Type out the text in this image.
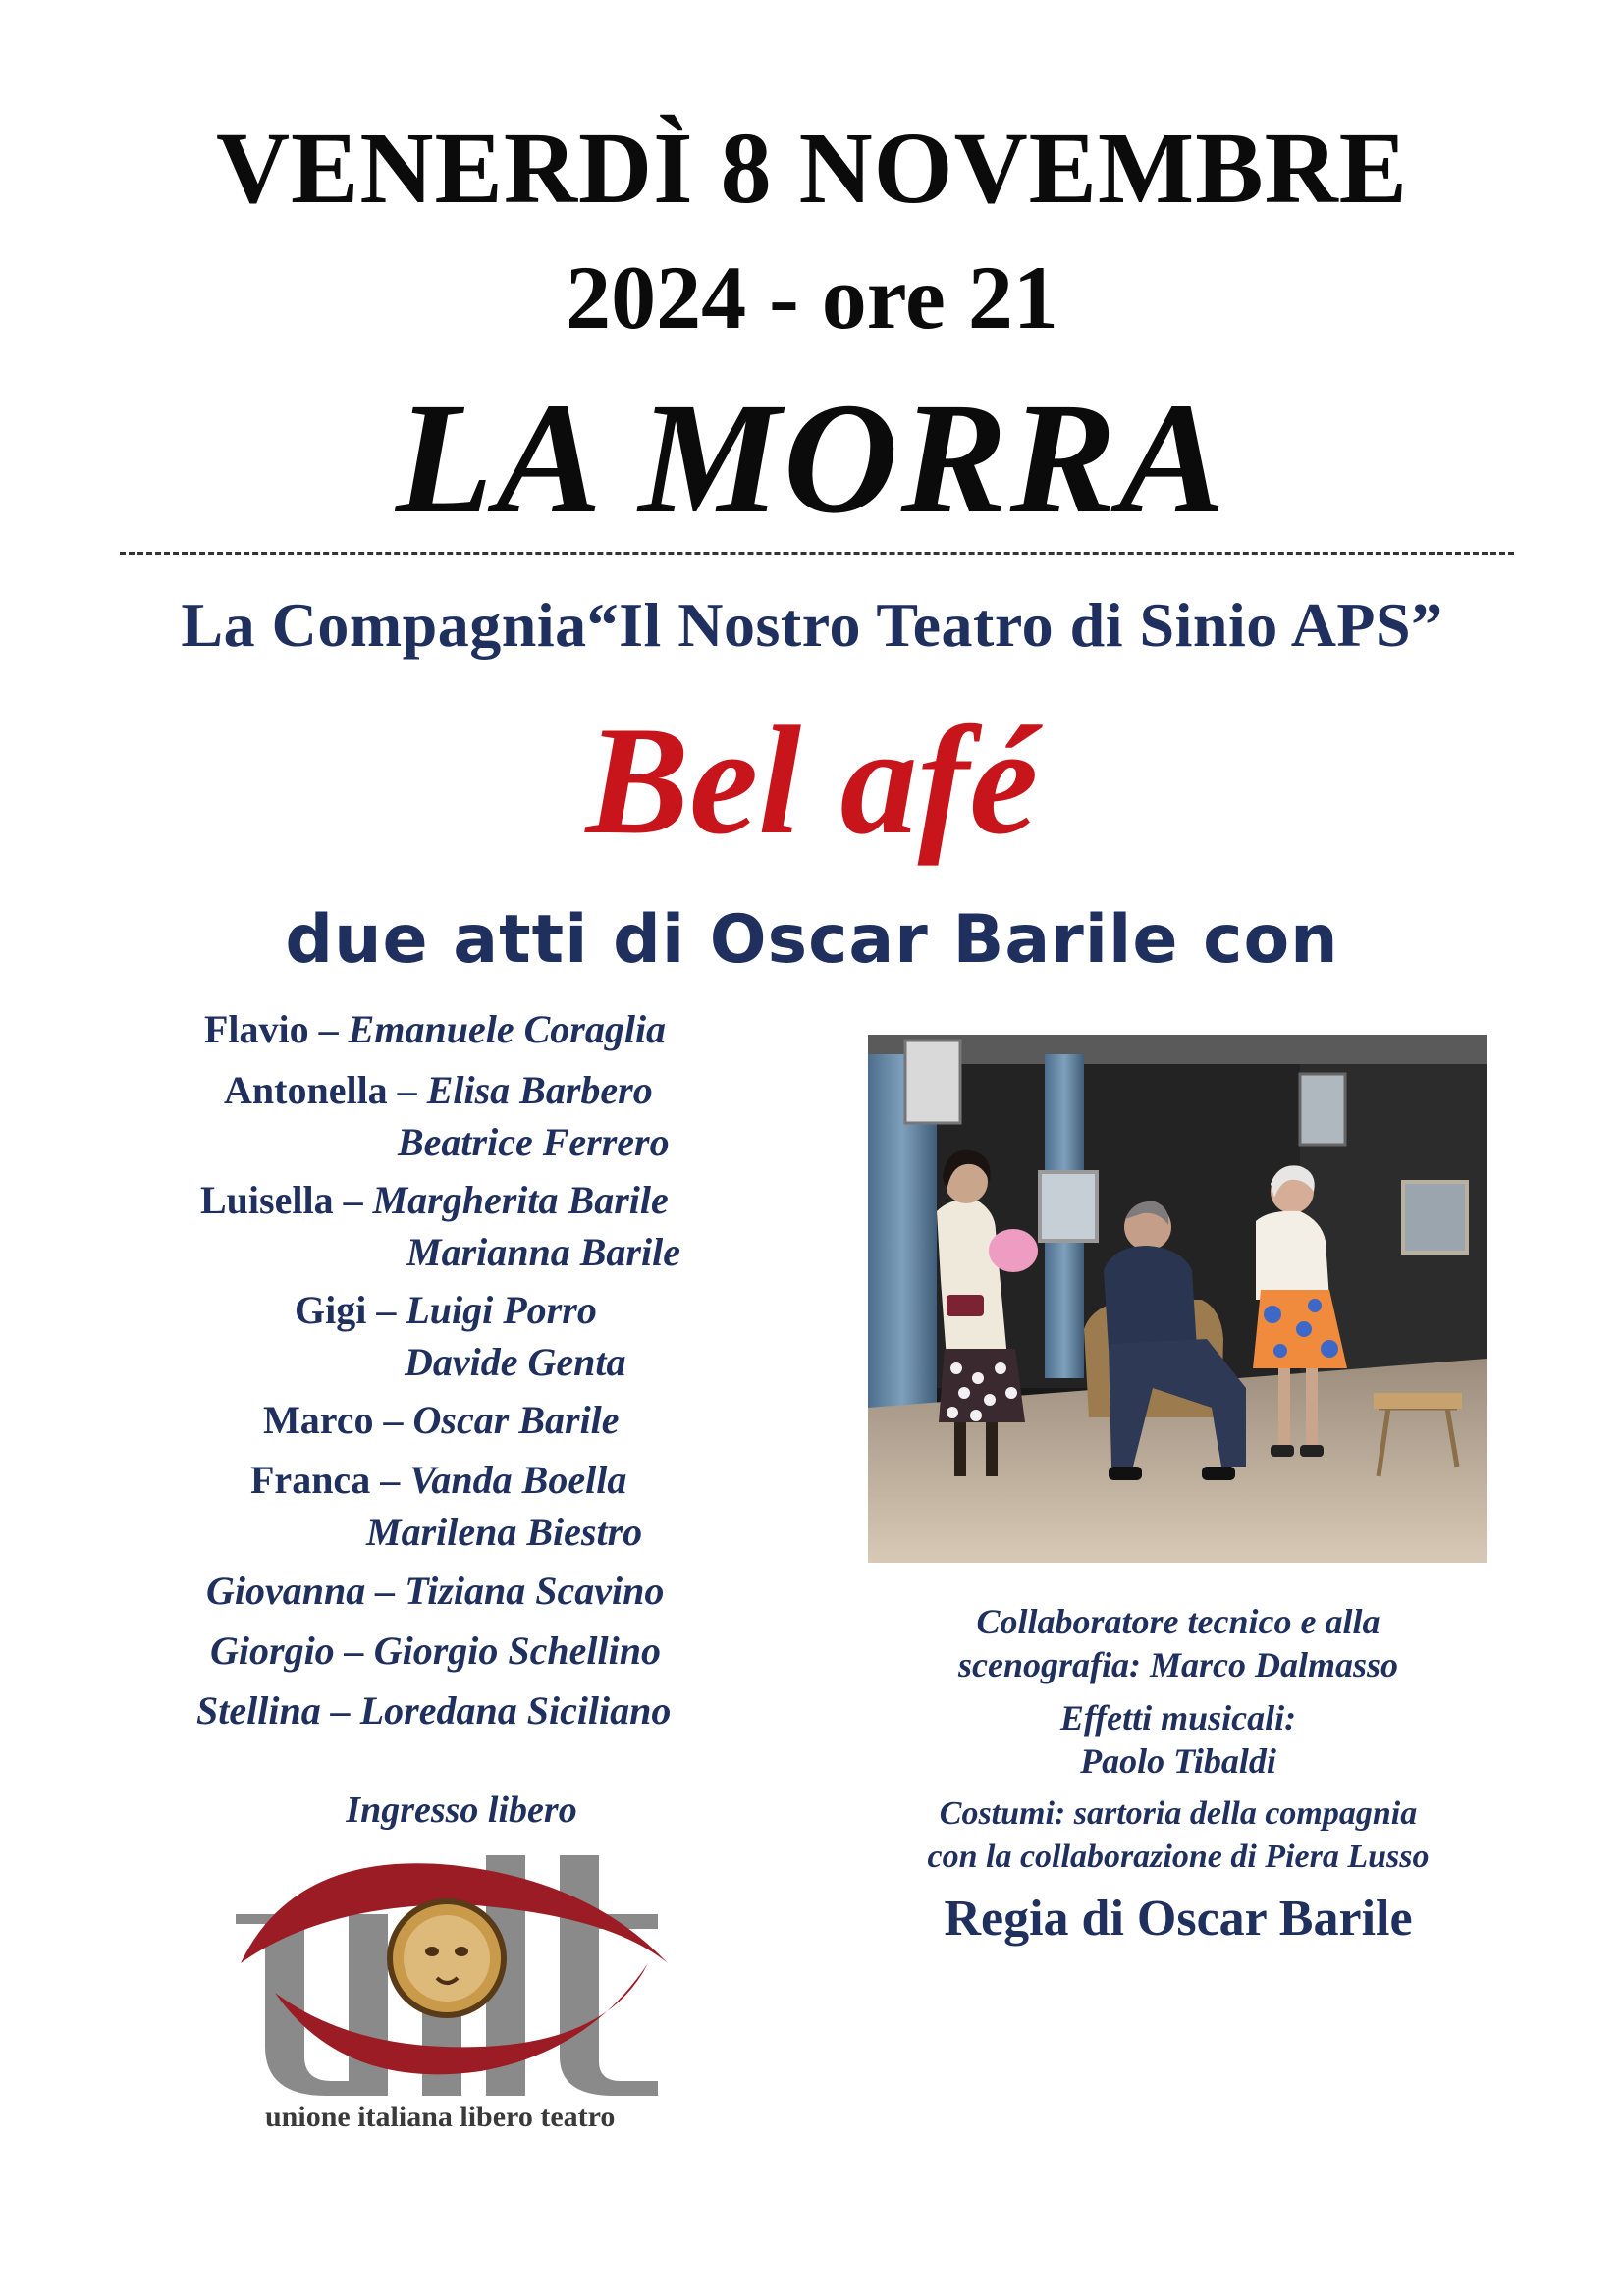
VENERDÌ 8 NOVEMBRE
2024 - ore 21
LA MORRA
La Compagnia“Il Nostro Teatro di Sinio APS”
Bel afé
due atti di Oscar Barile con
Flavio – Emanuele Coraglia
Antonella – Elisa Barbero
Beatrice Ferrero
Luisella – Margherita Barile
Marianna Barile
Gigi – Luigi Porro
Davide Genta
Marco – Oscar Barile
Franca – Vanda Boella
Marilena Biestro
Giovanna – Tiziana Scavino
Giorgio – Giorgio Schellino
Stellina – Loredana Siciliano
Collaboratore tecnico e alla
scenografia: Marco Dalmasso
Effetti musicali:
Paolo Tibaldi
Costumi: sartoria della compagnia
con la collaborazione di Piera Lusso
Regia di Oscar Barile
Ingresso libero
unione italiana libero teatro
